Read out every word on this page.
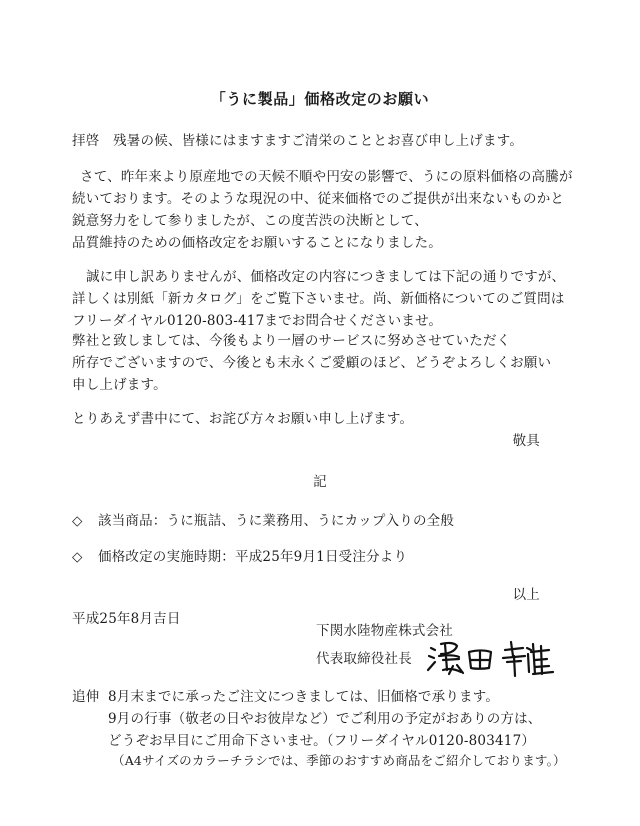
「うに製品」価格改定のお願い
拝啓　残暑の候、皆様にはますますご清栄のこととお喜び申し上げます。
さて、昨年来より原産地での天候不順や円安の影響で、うにの原料価格の高騰が
続いております。そのような現況の中、従来価格でのご提供が出来ないものかと
鋭意努力をして参りましたが、この度苦渋の決断として、
品質維持のための価格改定をお願いすることになりました。
誠に申し訳ありませんが、価格改定の内容につきましては下記の通りですが、
詳しくは別紙「新カタログ」をご覧下さいませ。尚、新価格についてのご質問は
フリーダイヤル0120-803-417までお問合せくださいませ。
弊社と致しましては、今後もより一層のサービスに努めさせていただく
所存でございますので、今後とも末永くご愛顧のほど、どうぞよろしくお願い
申し上げます。
とりあえず書中にて、お詫び方々お願い申し上げます。
敬具
記
◇ 該当商品：うに瓶詰、うに業務用、うにカップ入りの全般
◇ 価格改定の実施時期：平成25年9月1日受注分より
以上
平成25年8月吉日
下関水陸物産株式会社
代表取締役社長
追伸 8月末までに承ったご注文につきましては、旧価格で承ります。
9月の行事（敬老の日やお彼岸など）でご利用の予定がおありの方は、
どうぞお早目にご用命下さいませ。（フリーダイヤル0120-803417）
（A4サイズのカラーチラシでは、季節のおすすめ商品をご紹介しております。）
